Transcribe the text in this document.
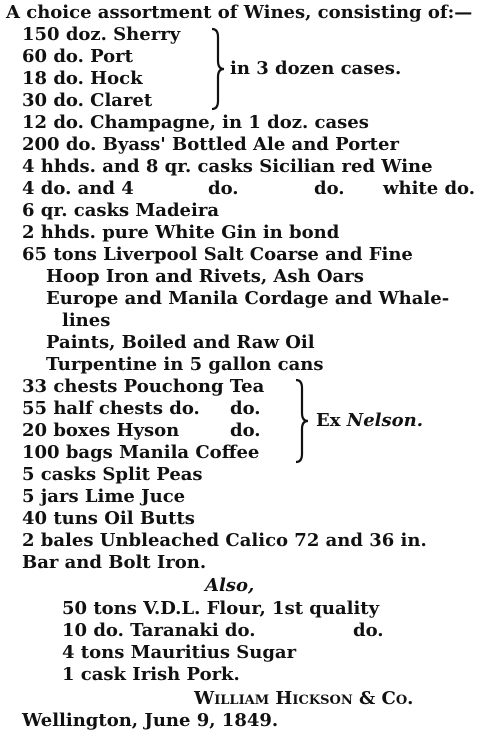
A choice assortment of Wines, consisting of:—
150 doz. Sherry
60 do. Port
18 do. Hock
30 do. Claret
in 3 dozen cases.
12 do. Champagne, in 1 doz. cases
200 do. Byass' Bottled Ale and Porter
4 hhds. and 8 qr. casks Sicilian red Wine
4 do. and 4	do.	do. white do.
6 qr. casks Madeira
2 hhds. pure White Gin in bond
65 tons Liverpool Salt Coarse and Fine
Hoop Iron and Rivets, Ash Oars
Europe and Manila Cordage and Whale-
lines
Paints, Boiled and Raw Oil
Turpentine in 5 gallon cans
33 chests Pouchong Tea
55 half chests do. do.
20 boxes Hyson	do.
100 bags Manila Coffee
Ex Nelson.
5 casks Split Peas
5 jars Lime Juce
40 tuns Oil Butts
2 bales Unbleached Calico 72 and 36 in.
Bar and Bolt Iron.
Also,
50 tons V.D.L. Flour, 1st quality
10 do. Taranaki do.	do.
4 tons Mauritius Sugar
1 cask Irish Pork.
William Hickson & Co.
Wellington, June 9, 1849.
